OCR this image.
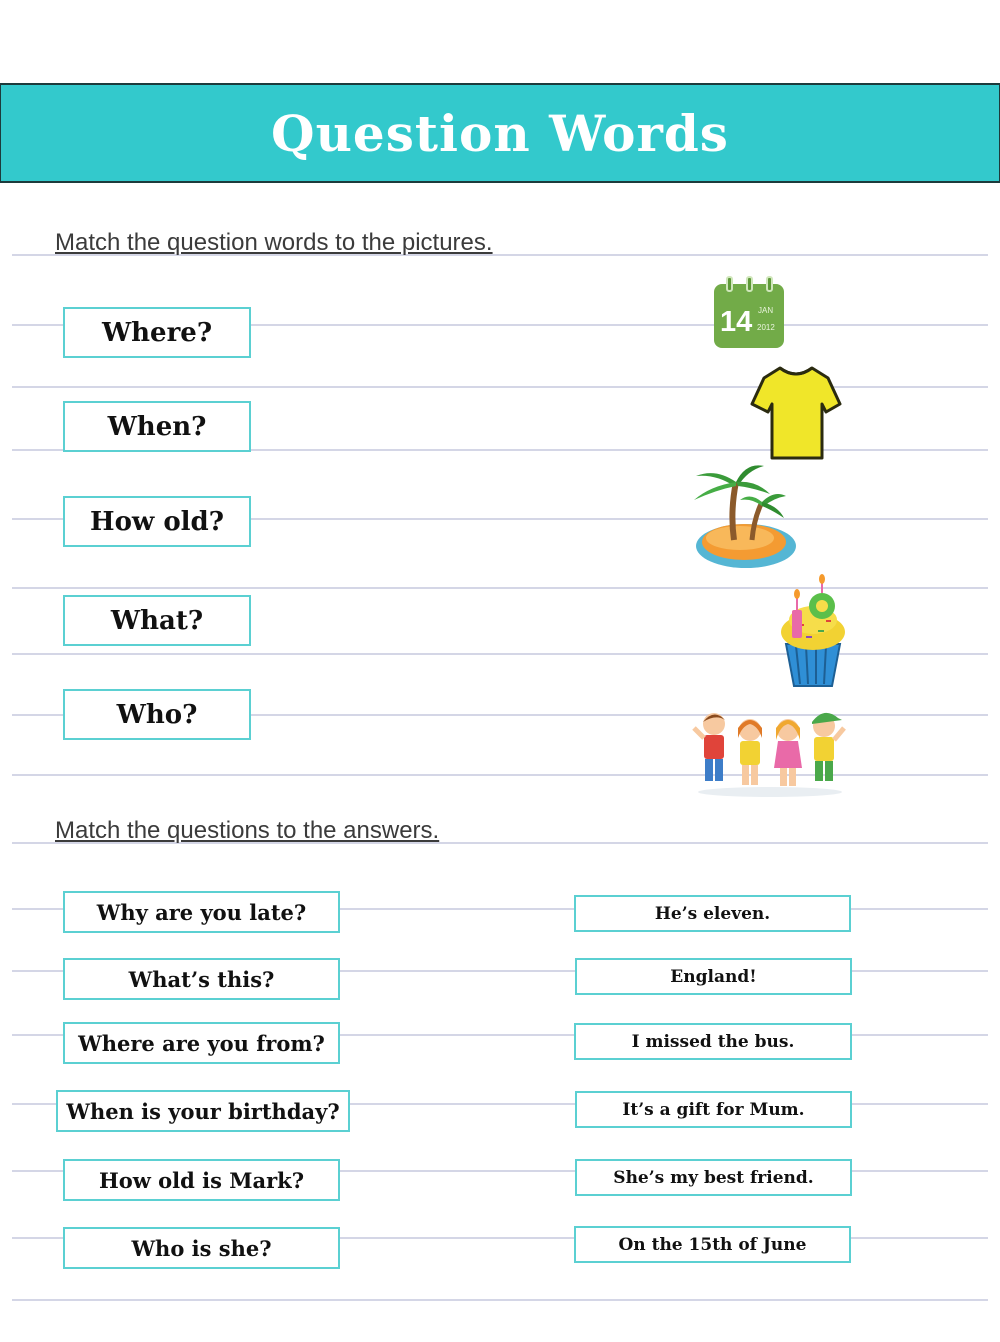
Question Words

Match the question words to the pictures.

Where?
When?
How old?
What?
Who?
14 JAN
2012

Match the questions to the answers.

Why are you late?
What’s this?
Where are you from?
When is your birthday?
How old is Mark?
Who is she?
He’s eleven.
England!
I missed the bus.
It’s a gift for Mum.
She’s my best friend.
On the 15th of June
